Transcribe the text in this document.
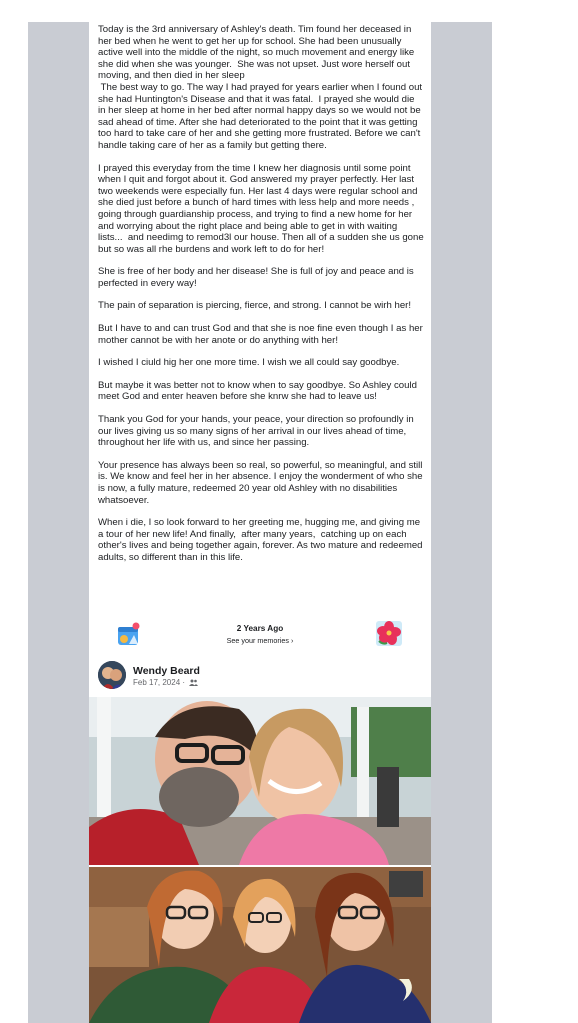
Today is the 3rd anniversary of Ashley's death. Tim found her deceased in her bed when he went to get her up for school. She had been unusually active well into the middle of the night, so much movement and energy like she did when she was younger.  She was not upset. Just wore herself out moving, and then died in her sleep
The best way to go. The way I had prayed for years earlier when I found out she had Huntington's Disease and that it was fatal.  I prayed she would die in her sleep at home in her bed after normal happy days so we would not be sad ahead of time. After she had deteriorated to the point that it was getting too hard to take care of her and she getting more frustrated. Before we can't handle taking care of her as a family but getting there.

I prayed this everyday from the time I knew her diagnosis until some point when I quit and forgot about it. God answered my prayer perfectly. Her last two weekends were especially fun. Her last 4 days were regular school and she died just before a bunch of hard times with less help and more needs , going through guardianship process, and trying to find a new home for her and worrying about the right place and being able to get in with waiting lists...  and needimg to remod3l our house. Then all of a sudden she us gone but so was all rhe burdens and work left to do for her!

She is free of her body and her disease! She is full of joy and peace and is perfected in every way!

The pain of separation is piercing, fierce, and strong. I cannot be wirh her!

But I have to and can trust God and that she is noe fine even though I as her mother cannot be with her anote or do anything with her!

I wished I ciuld hig her one more time. I wish we all could say goodbye.

But maybe it was better not to know when to say goodbye. So Ashley could meet God and enter heaven before she knrw she had to leave us!

Thank you God for your hands, your peace, your direction so profoundly in our lives giving us so many signs of her arrival in our lives ahead of time,  throughout her life with us, and since her passing.

Your presence has always been so real, so powerful, so meaningful, and still is. We know and feel her in her absence. I enjoy the wonderment of who she is now, a fully mature, redeemed 20 year old Ashley with no disabilities whatsoever.

When i die, I so look forward to her greeting me, hugging me, and giving me a tour of her new life! And finally,  after many years,  catching up on each other's lives and being together again, forever. As two mature and redeemed adults, so different than in this life.

2 Years Ago
See your memories ›
Wendy Beard
Feb 17, 2024 ·
